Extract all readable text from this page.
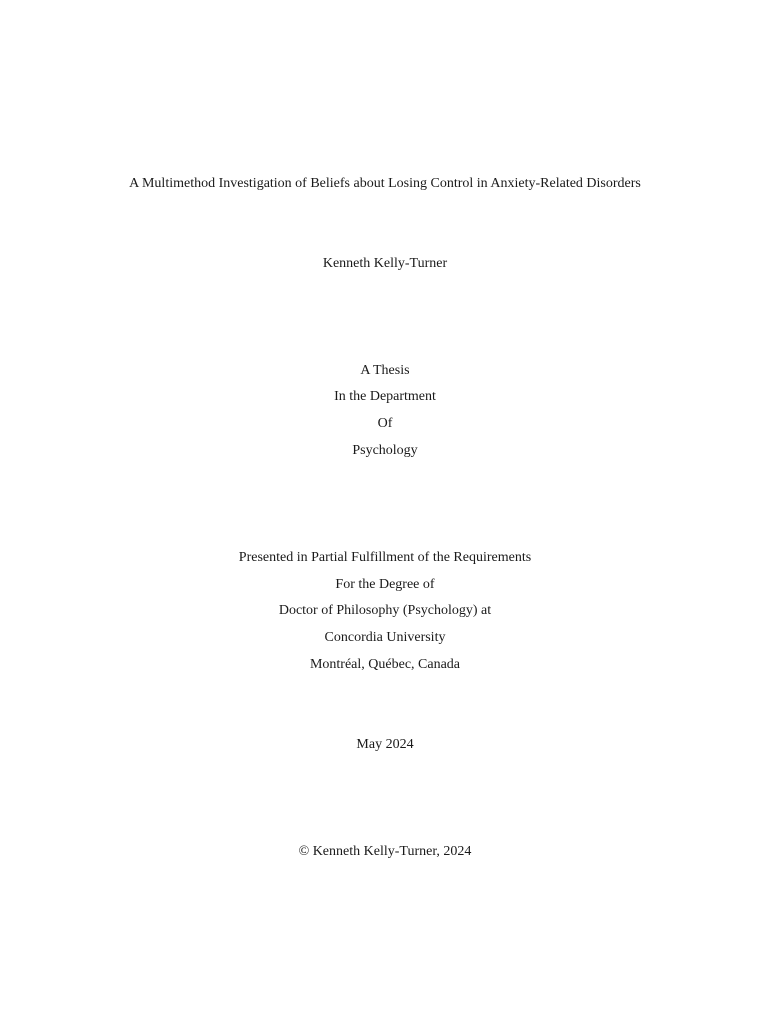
A Multimethod Investigation of Beliefs about Losing Control in Anxiety-Related Disorders
Kenneth Kelly-Turner
A Thesis
In the Department
Of
Psychology
Presented in Partial Fulfillment of the Requirements
For the Degree of
Doctor of Philosophy (Psychology) at
Concordia University
Montréal, Québec, Canada
May 2024
© Kenneth Kelly-Turner, 2024
